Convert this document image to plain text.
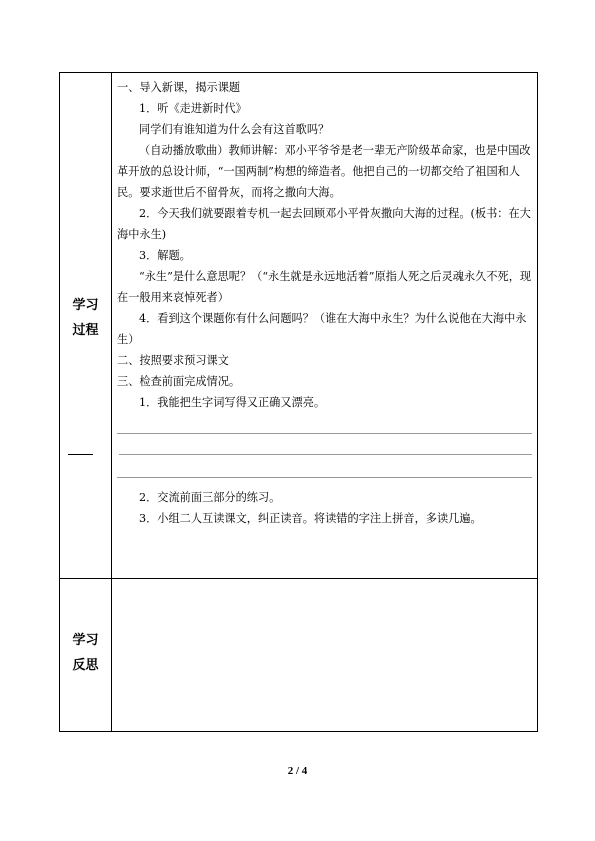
学习
过程
学习
反思

一、导入新课，揭示课题

1．听《走进新时代》

同学们有谁知道为什么会有这首歌吗？

（自动播放歌曲）教师讲解：邓小平爷爷是老一辈无产阶级革命家，也是中国改革开放的总设计师，“一国两制”构想的缔造者。他把自己的一切都交给了祖国和人民。要求逝世后不留骨灰，而将之撒向大海。

2．今天我们就要跟着专机一起去回顾邓小平骨灰撒向大海的过程。(板书：在大海中永生)

3．解题。

“永生”是什么意思呢？（“永生就是永远地活着”原指人死之后灵魂永久不死，现在一般用来哀悼死者）

4．看到这个课题你有什么问题吗？（谁在大海中永生？为什么说他在大海中永生）

二、按照要求预习课文

三、检查前面完成情况。

1．我能把生字词写得又正确又漂亮。

2．交流前面三部分的练习。

3．小组二人互读课文，纠正读音。将读错的字注上拼音，多读几遍。

2 / 4
